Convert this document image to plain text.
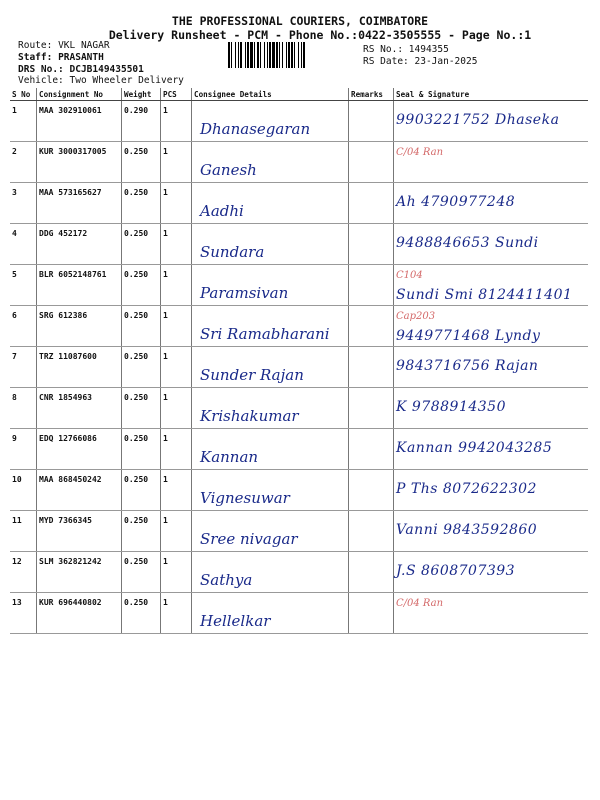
THE PROFESSIONAL COURIERS, COIMBATORE
Delivery Runsheet - PCM - Phone No.:0422-3505555 - Page No.:1
Route: VKL NAGAR
Staff: PRASANTH
DRS No.: DCJB149435501
Vehicle: Two Wheeler Delivery
RS No.: 1494355
RS Date: 23-Jan-2025
S No	Consignment No	Weight	PCS	Consignee Details	Remarks	Seal & Signature
1	MAA 302910061	0.290	1	Dhanasegaran		9903221752 Dhaseka

2	KUR 3000317005	0.250	1	Ganesh		C/04 Ran

3	MAA 573165627	0.250	1	Aadhi		Ah 4790977248

4	DDG 452172	0.250	1	Sundara		9488846653 Sundi

5	BLR 6052148761	0.250	1	Paramsivan		C104
Sundi Smi 8124411401

6	SRG 612386	0.250	1	Sri Ramabharani		Cap203
9449771468 Lyndy

7	TRZ 11087600	0.250	1	Sunder Rajan		9843716756 Rajan

8	CNR 1854963	0.250	1	Krishakumar		K 9788914350

9	EDQ 12766086	0.250	1	Kannan		Kannan 9942043285

10	MAA 868450242	0.250	1	Vignesuwar		P Ths 8072622302

11	MYD 7366345	0.250	1	Sree nivagar		Vanni 9843592860

12	SLM 362821242	0.250	1	Sathya		J.S 8608707393

13	KUR 696440802	0.250	1	Hellelkar		C/04 Ran
